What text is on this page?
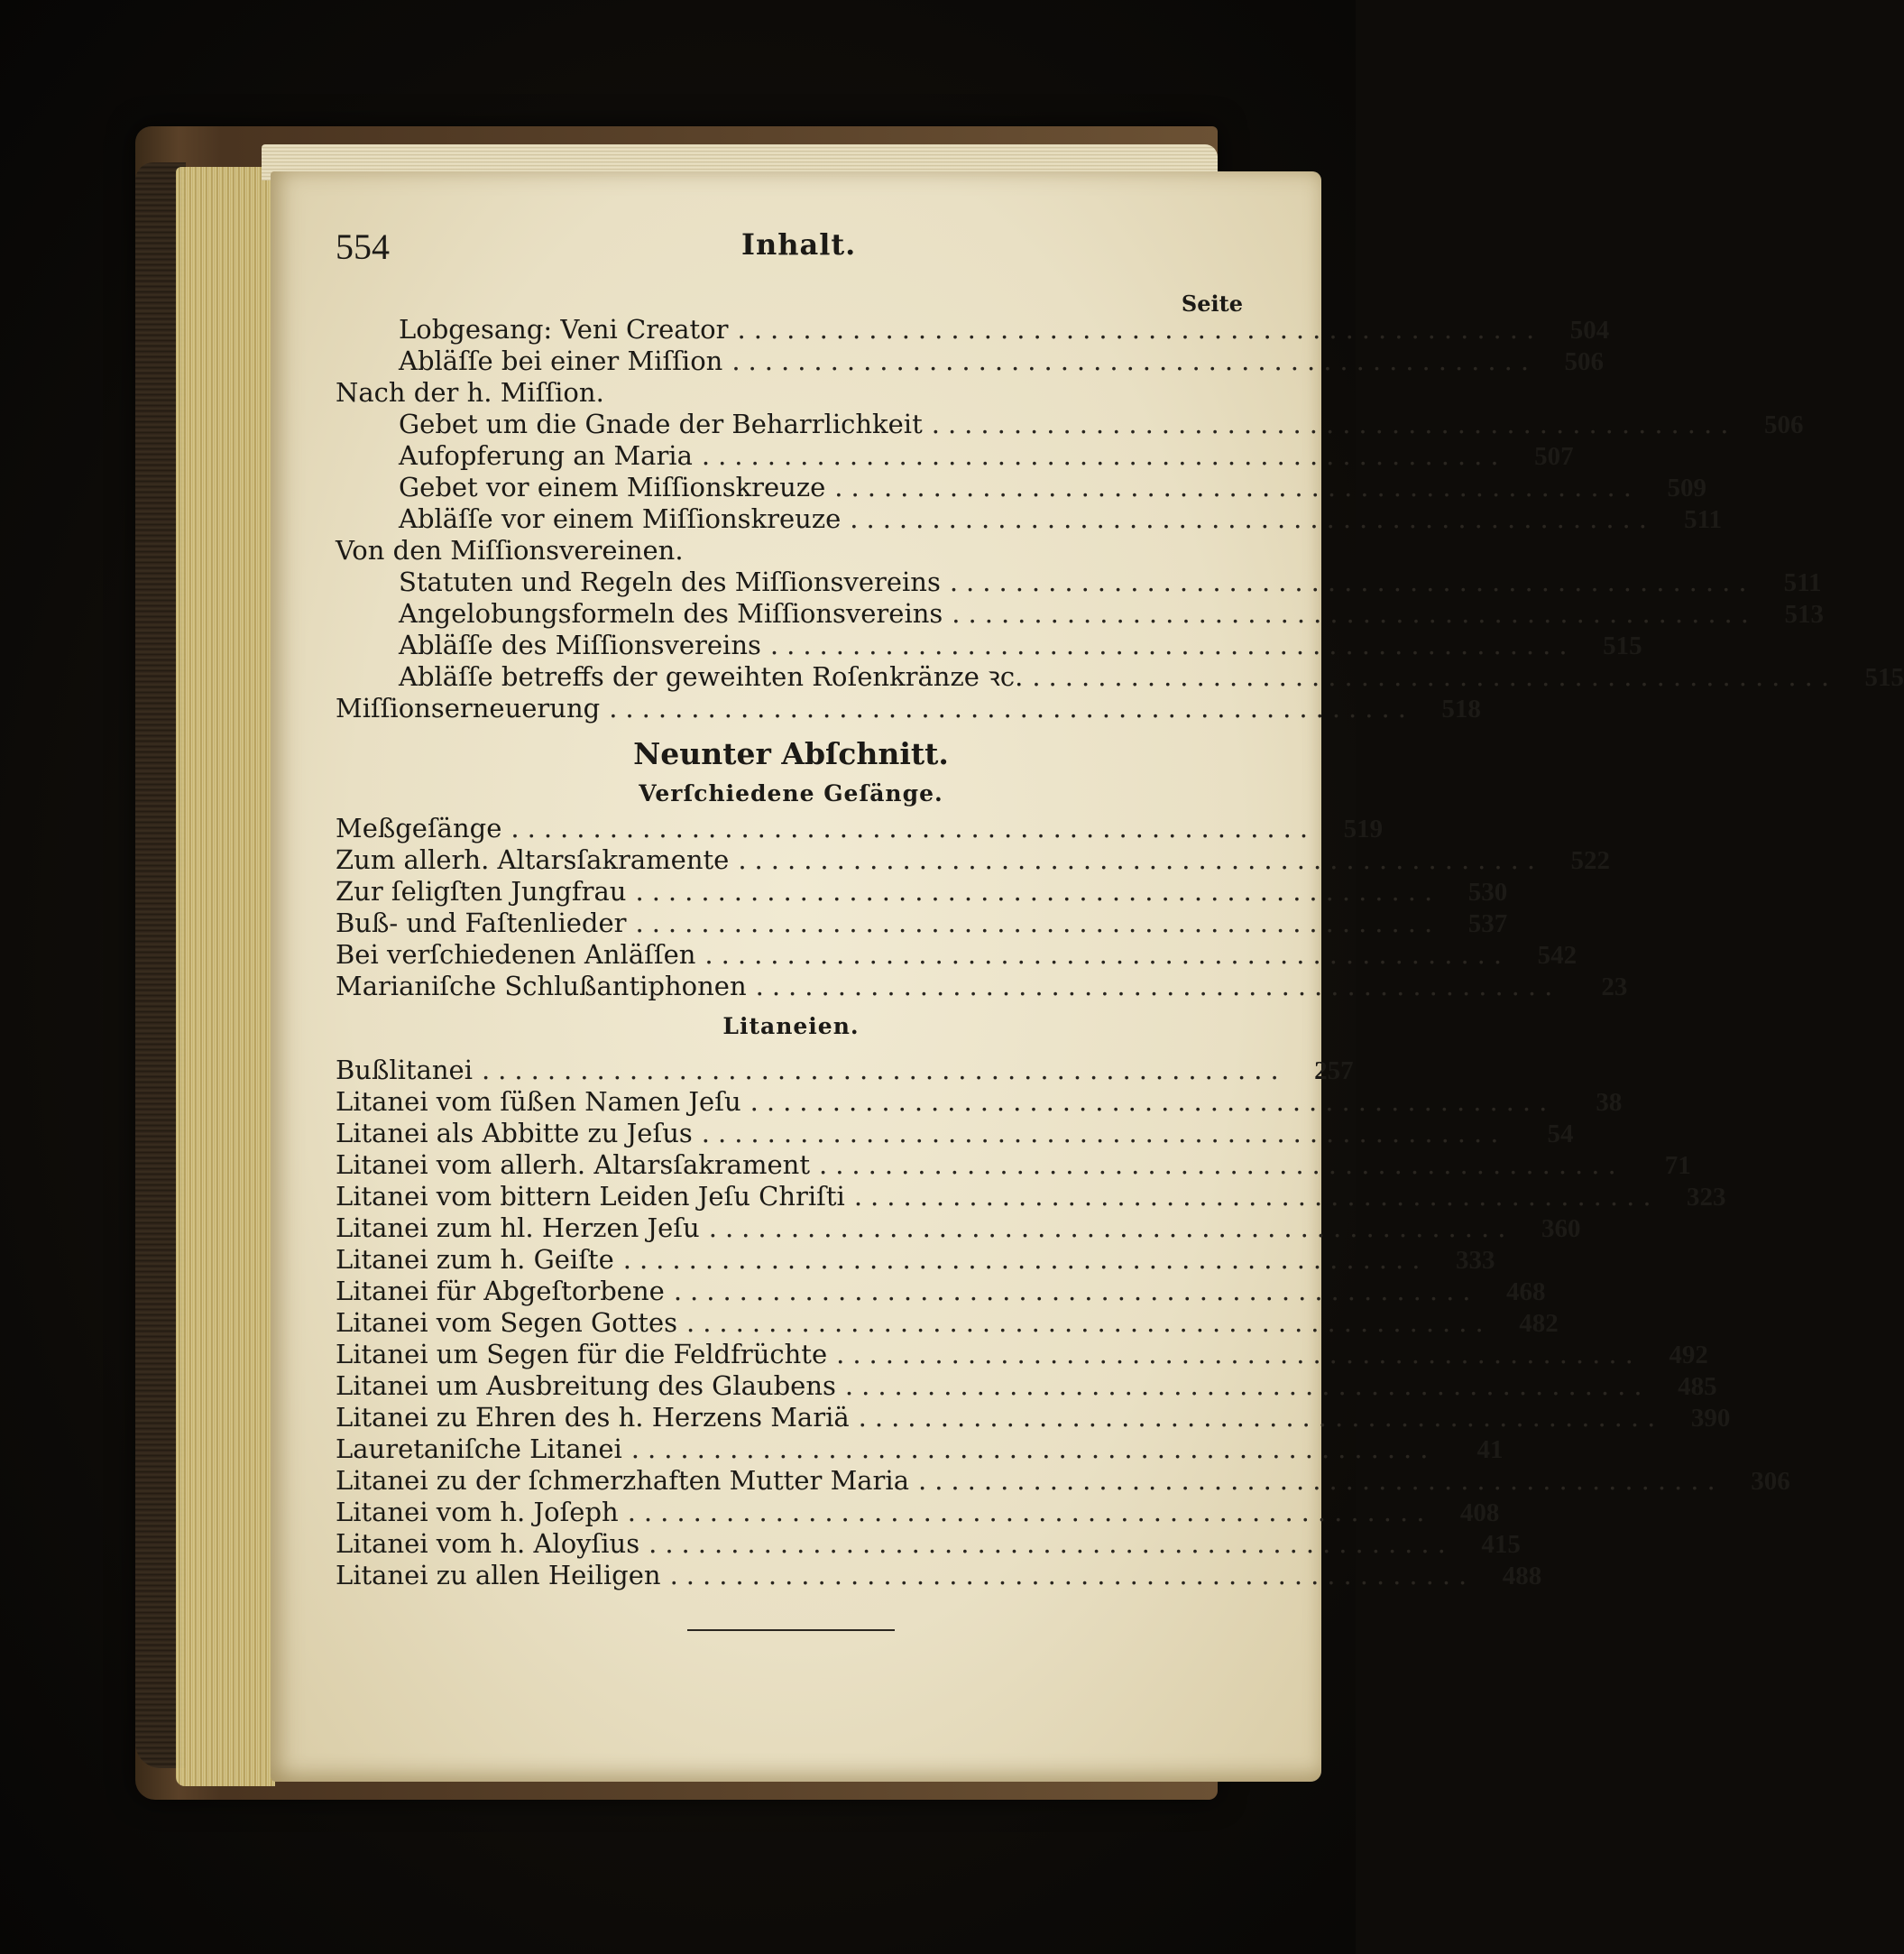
554	Inhalt.
Seite
Lobgesang: Veni Creator .................................................	504
Abläſſe bei einer Miſſion .................................................	506
Nach der h. Miſſion.
Gebet um die Gnade der Beharrlichkeit .................................................	506
Aufopferung an Maria .................................................	507
Gebet vor einem Miſſionskreuze .................................................	509
Abläſſe vor einem Miſſionskreuze .................................................	511
Von den Miſſionsvereinen.
Statuten und Regeln des Miſſionsvereins .................................................	511
Angelobungsformeln des Miſſionsvereins .................................................	513
Abläſſe des Miſſionsvereins .................................................	515
Abläſſe betreffs der geweihten Roſenkränze ꝛc. .................................................	515
Miſſionserneuerung .................................................	518
Neunter Abſchnitt.
Verſchiedene Geſänge.
Meßgeſänge .................................................	519
Zum allerh. Altarsſakramente .................................................	522
Zur ſeligſten Jungfrau .................................................	530
Buß- und Faſtenlieder .................................................	537
Bei verſchiedenen Anläſſen .................................................	542
Marianiſche Schlußantiphonen .................................................	23
Litaneien.
Bußlitanei .................................................	257
Litanei vom ſüßen Namen Jeſu .................................................	38
Litanei als Abbitte zu Jeſus .................................................	54
Litanei vom allerh. Altarsſakrament .................................................	71
Litanei vom bittern Leiden Jeſu Chriſti .................................................	323
Litanei zum hl. Herzen Jeſu .................................................	360
Litanei zum h. Geiſte .................................................	333
Litanei für Abgeſtorbene .................................................	468
Litanei vom Segen Gottes .................................................	482
Litanei um Segen für die Feldfrüchte .................................................	492
Litanei um Ausbreitung des Glaubens .................................................	485
Litanei zu Ehren des h. Herzens Mariä .................................................	390
Lauretaniſche Litanei .................................................	41
Litanei zu der ſchmerzhaften Mutter Maria .................................................	306
Litanei vom h. Joſeph .................................................	408
Litanei vom h. Aloyſius .................................................	415
Litanei zu allen Heiligen .................................................	488
